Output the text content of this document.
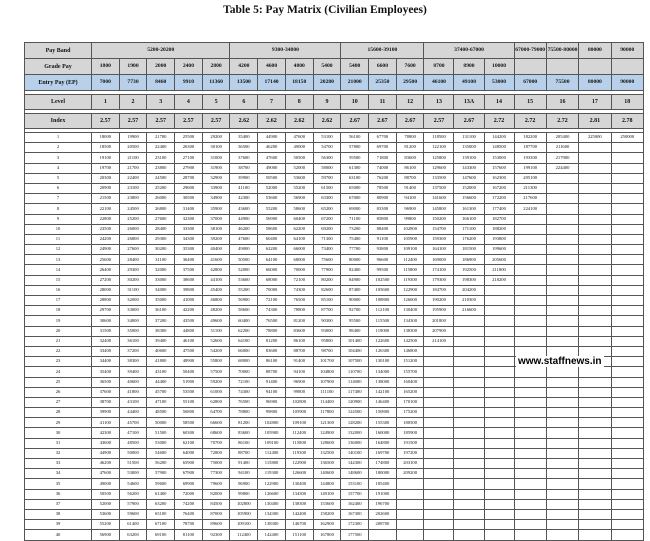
Table 5: Pay Matrix (Civilian Employees)
Pay Band	5200-20200					9300-34800				15600-39100			37400-67000			67000-79000	75500-80000	80000	90000
Grade Pay	1800	1900	2000	2400	2800	4200	4600	4800	5400	5400	6600	7600	8700	8900	10000				
Entry Pay (EP)	7000	7730	8460	9910	11360	13500	17140	18150	20280	21000	25350	29500	46100	49100	53000	67000	75500	80000	90000

Level	1	2	3	4	5	6	7	8	9	10	11	12	13	13A	14	15	16	17	18

Index	2.57	2.57	2.57	2.57	2.57	2.62	2.62	2.62	2.62	2.67	2.67	2.67	2.57	2.67	2.72	2.72	2.72	2.81	2.78

1	18000	19900	21700	25500	29200	35400	44900	47600	53100	56100	67700	78800	118500	131100	144200	182200	205400	225000	250000
2	18500	20500	22400	26300	30100	36500	46200	49000	54700	57800	69700	81200	122100	135000	148500	187700	211600		
3	19100	21100	23100	27100	31000	37600	47600	50500	56300	59500	71800	83600	125800	139100	153000	193300	217900		
4	19700	21700	23800	27900	31900	38700	49000	52000	58000	61300	74000	86100	129600	143300	157600	199100	224400		
5	20300	22400	24500	28700	32900	39900	50500	53600	59700	63100	76200	88700	133500	147600	162300	205100			
6	20900	23100	25200	29600	33900	41100	52000	55200	61500	65000	78500	91400	137500	152000	167200	211300			
7	21500	23800	26000	30500	34900	42300	53600	56900	63300	67000	80900	94100	141600	156600	172200	217600			
8	22100	24500	26800	31400	35900	43600	55200	58600	65200	69000	83300	96900	145800	161300	177400	224100			
9	22800	25200	27600	32300	37000	44900	56900	60400	67200	71100	85800	99800	150200	166100	182700				
10	23500	26000	28400	33300	38100	46200	58600	62200	69200	73200	88400	102800	154700	171100	188200				
11	24200	26800	29300	34300	39200	47600	60400	64100	71300	75400	91100	105900	159300	176200	193800				
12	24900	27600	30200	35300	40400	49000	62200	66000	73400	77700	93800	109100	164100	181500	199600				
13	25600	28400	31100	36400	41600	50500	64100	68000	75600	80000	96600	112400	169000	186900	205600				
14	26400	29300	32000	37500	42800	52000	66000	70000	77900	82400	99500	115800	174100	192500	211800				
15	27200	30200	33000	38600	44100	53600	68000	72100	80200	84900	102500	119300	179300	198300	218200				
16	28000	31100	34000	39800	45400	55200	70000	74300	82600	87400	105600	122900	184700	204200					
17	28800	32000	35000	41000	46800	56900	72100	76500	85100	90000	108800	126600	190200	210300					
18	29700	33000	36100	42200	48200	58600	74300	78800	87700	92700	112100	130400	195900	216600					
19	30600	34000	37200	43500	49600	60400	76500	81200	90300	95500	115500	134300	201800						
20	31500	35000	38300	44800	51100	62200	78800	83600	93000	98400	119000	138300	207900						
21	32400	36100	39400	46100	52600	64100	81200	86100	95800	101400	122600	142500	214100						
22	33400	37200	40600	47500	54200	66000	83600	88700	98700	104400	126300	146800							
23	34400	38300	41800	48900	55800	68000	86100	91400	101700	107500	130100	151200							
24	35400	39400	43100	50400	57500	70000	88700	94100	104800	110700	134000	155700							
25	36500	40600	44400	51900	59200	72100	91400	96900	107900	114000	138000	160400							
26	37600	41800	45700	53500	61000	74300	94100	99800	111100	117400	142100	165200							
27	38700	43100	47100	55100	62800	76500	96900	102800	114400	120900	146400	170100							
28	39900	44400	48500	56800	64700	78800	99800	105900	117800	124500	150800	175200							
29	41100	45700	50000	58500	66600	81200	102800	109100	121300	128200	155300	180500							
30	42300	47100	51500	60300	68600	83600	105900	112400	124900	132000	160000	185900							
31	43600	48500	53000	62100	70700	86100	109100	115800	128600	136000	164800	191500							
32	44900	50000	54600	64000	72800	88700	112400	119300	132500	140100	169700	197200							
33	46200	51500	56200	65900	75000	91400	115800	122900	136500	144300	174800	203100							
34	47600	53000	57900	67900	77300	94100	119300	126600	140600	148600	180000	209200							
35	49000	54600	59600	69900	79600	96900	122900	130400	144800	153100	185400								
36	50500	56200	61400	72000	82000	99800	126600	134300	149100	157700	191000								
37	52000	57900	63200	74200	84500	102800	130400	138300	153600	162400	196700								
38	53600	59600	65100	76400	87000	105900	134300	142400	158200	167300	202600								
39	55200	61400	67100	78700	89600	109100	138300	146700	162900	172300	208700								
40	56900	63200	69100	81100	92300	112400	142400	151100	167800	177500									
www.staffnews.in
